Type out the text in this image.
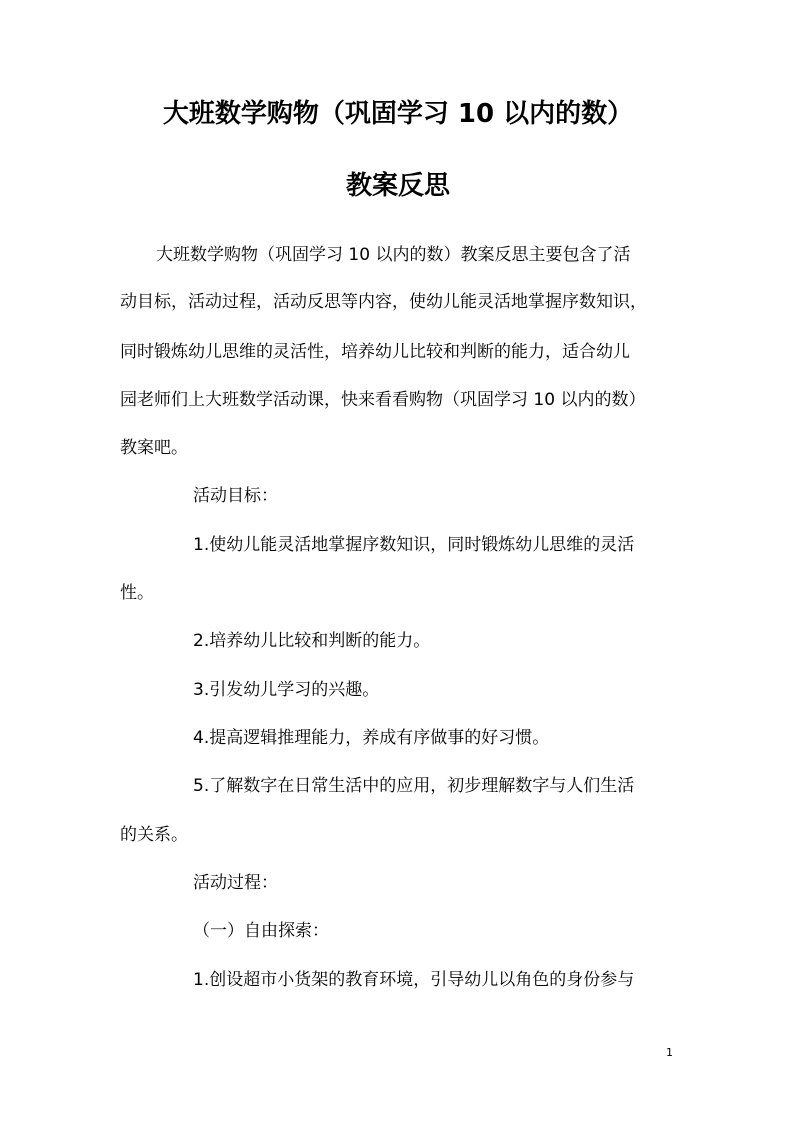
大班数学购物（巩固学习 10 以内的数）
教案反思

大班数学购物（巩固学习 10 以内的数）教案反思主要包含了活

动目标，活动过程，活动反思等内容，使幼儿能灵活地掌握序数知识，

同时锻炼幼儿思维的灵活性，培养幼儿比较和判断的能力，适合幼儿

园老师们上大班数学活动课，快来看看购物（巩固学习 10 以内的数）

教案吧。

活动目标：

1.使幼儿能灵活地掌握序数知识，同时锻炼幼儿思维的灵活

性。

2.培养幼儿比较和判断的能力。

3.引发幼儿学习的兴趣。

4.提高逻辑推理能力，养成有序做事的好习惯。

5.了解数字在日常生活中的应用，初步理解数字与人们生活

的关系。

活动过程：

（一）自由探索：

1.创设超市小货架的教育环境，引导幼儿以角色的身份参与

1
